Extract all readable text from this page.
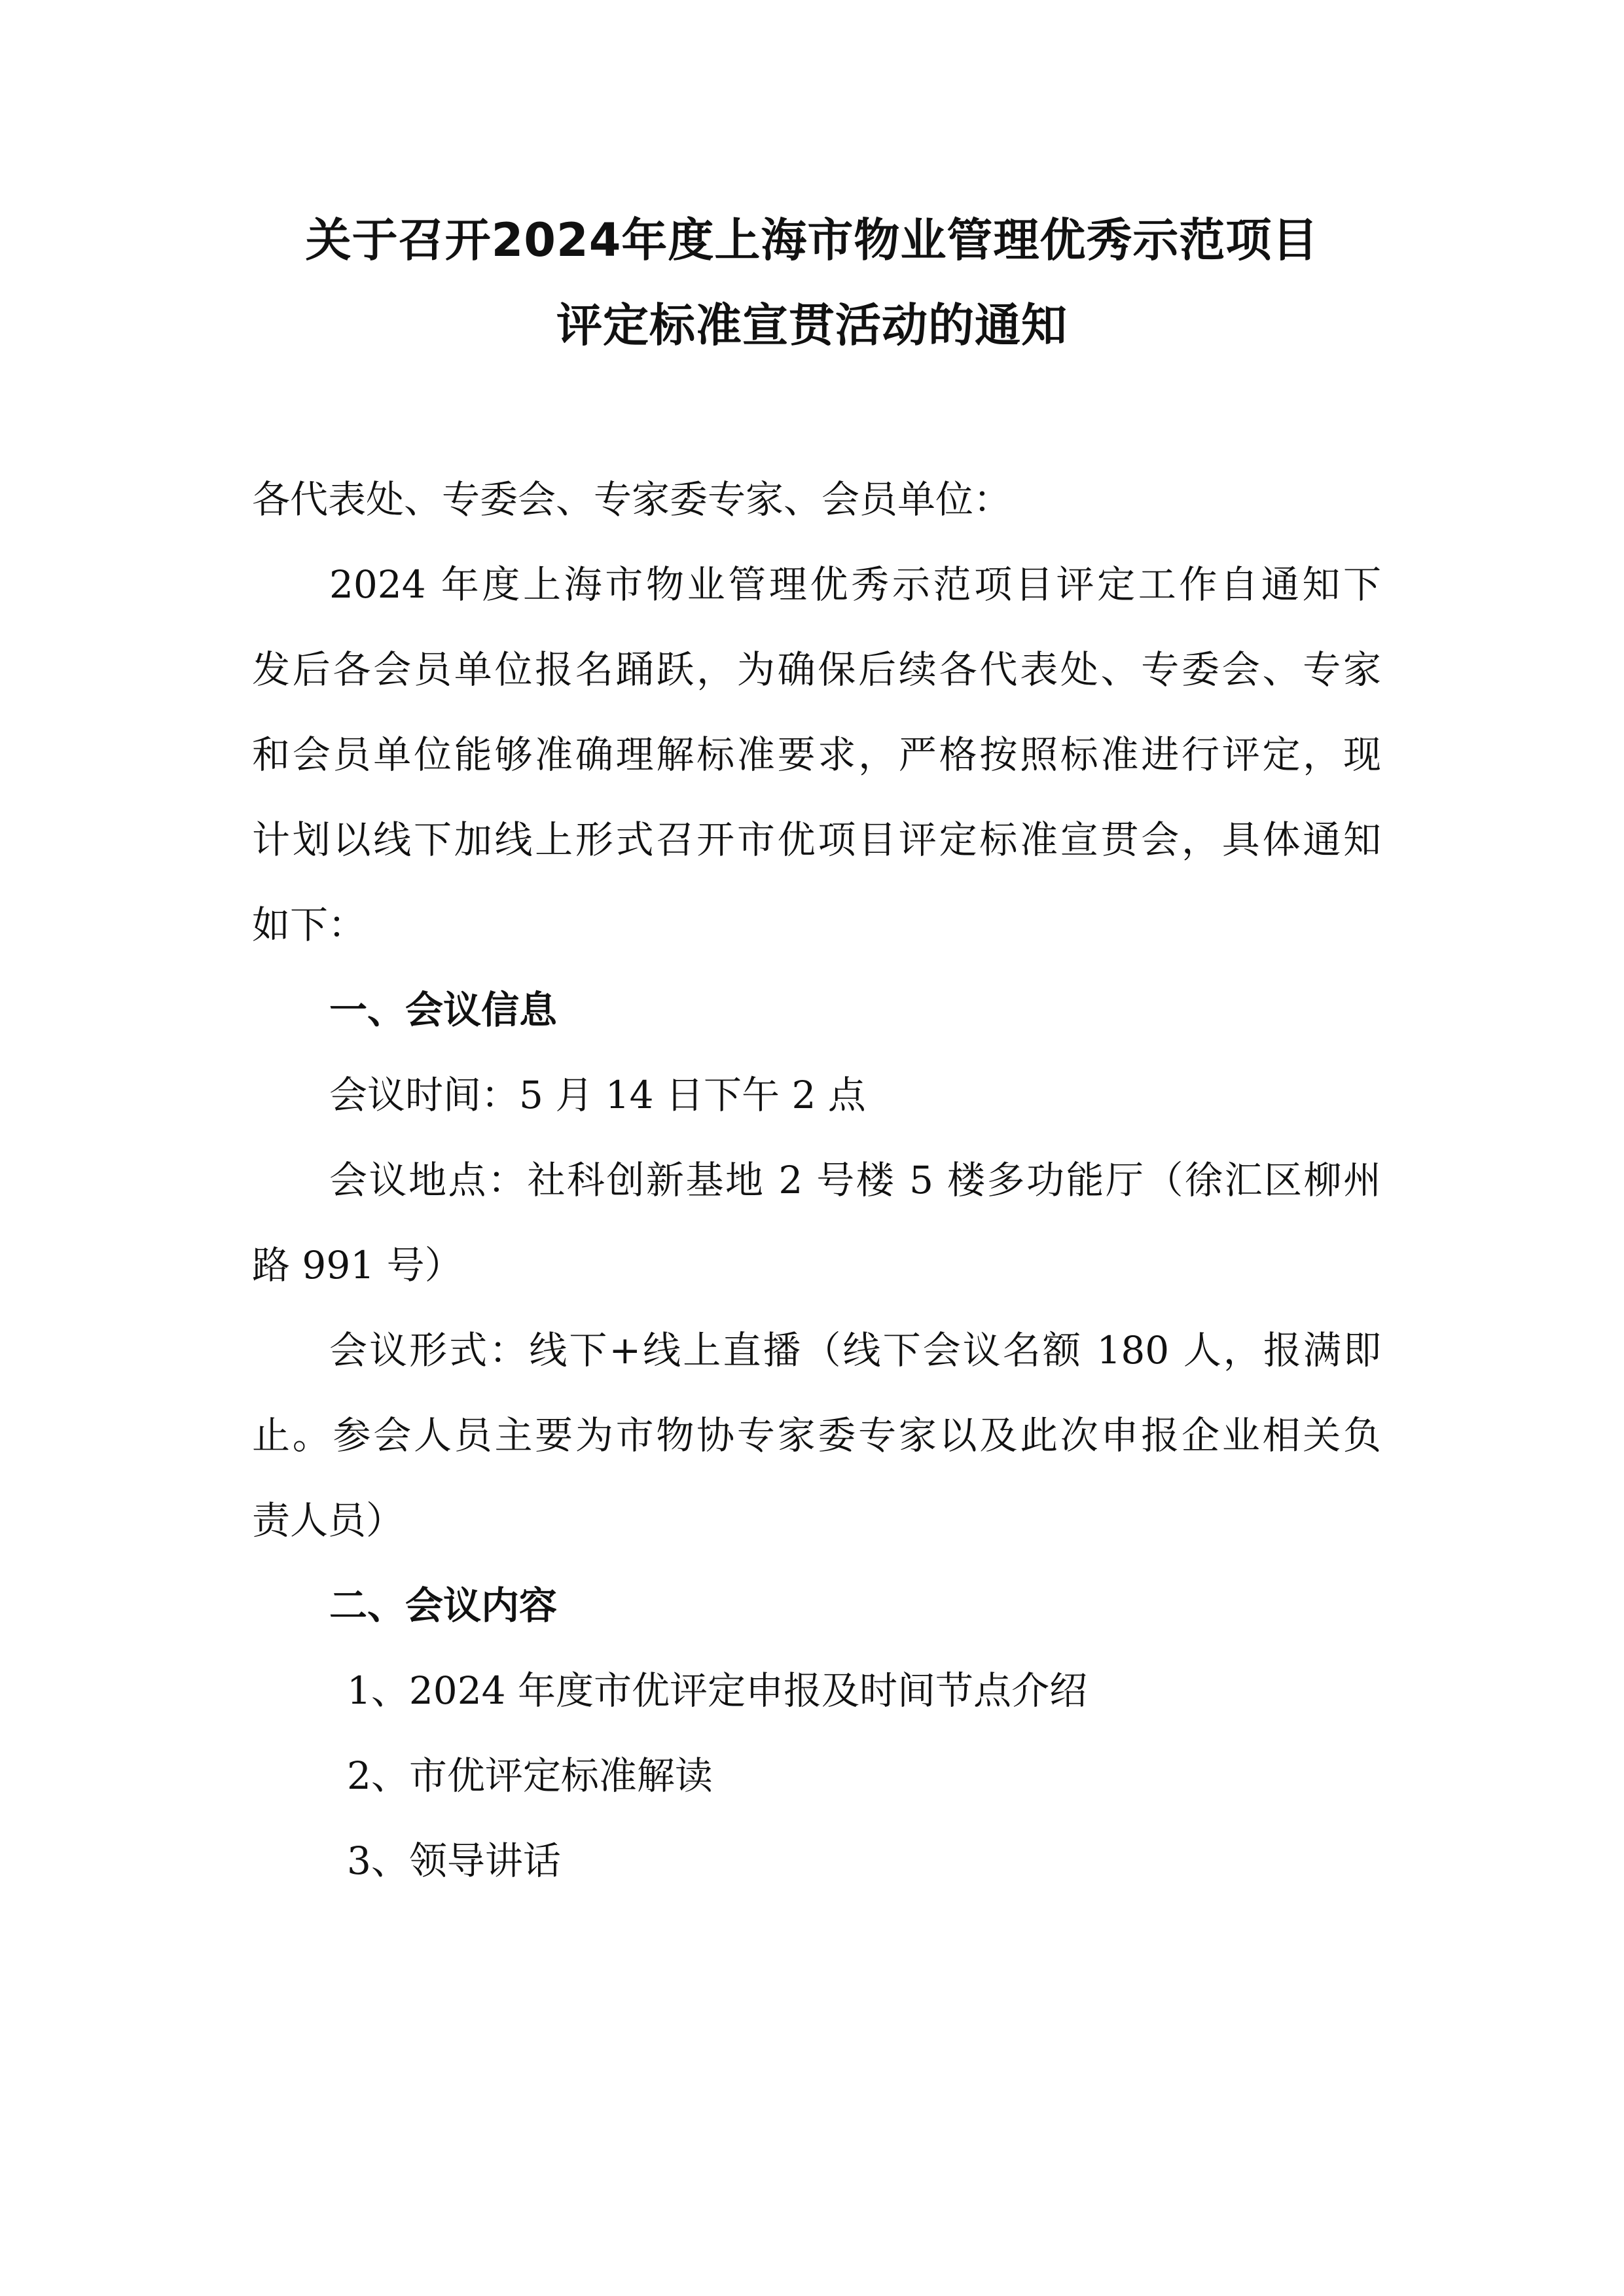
关于召开2024年度上海市物业管理优秀示范项目
评定标准宣贯活动的通知
各代表处、专委会、专家委专家、会员单位：
2024 年度上海市物业管理优秀示范项目评定工作自通知下
发后各会员单位报名踊跃，为确保后续各代表处、专委会、专家
和会员单位能够准确理解标准要求，严格按照标准进行评定，现
计划以线下加线上形式召开市优项目评定标准宣贯会，具体通知
如下：
一、会议信息
会议时间：5 月 14 日下午 2 点
会议地点：社科创新基地 2 号楼 5 楼多功能厅（徐汇区柳州
路 991 号）
会议形式：线下+线上直播（线下会议名额 180 人，报满即
止。参会人员主要为市物协专家委专家以及此次申报企业相关负
责人员）
二、会议内容
1、2024 年度市优评定申报及时间节点介绍
2、市优评定标准解读
3、领导讲话
